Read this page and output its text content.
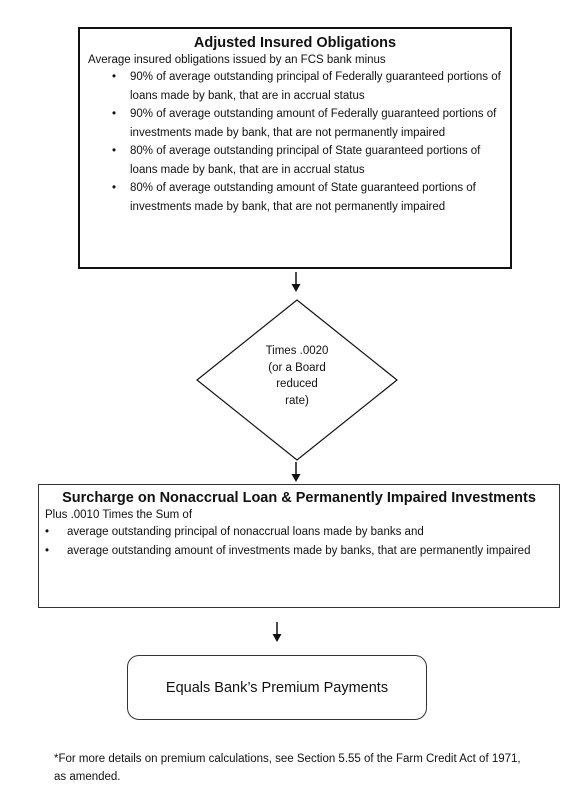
Adjusted Insured Obligations
Average insured obligations issued by an FCS bank minus
• 90% of average outstanding principal of Federally guaranteed portions of loans made by bank, that are in accrual status
• 90% of average outstanding amount of Federally guaranteed portions of investments made by bank, that are not permanently impaired
• 80% of average outstanding principal of State guaranteed portions of loans made by bank, that are in accrual status
• 80% of average outstanding amount of State guaranteed portions of investments made by bank, that are not permanently impaired
Times .0020
(or a Board
reduced
rate)
Surcharge on Nonaccrual Loan & Permanently Impaired Investments
Plus .0010 Times the Sum of
• average outstanding principal of nonaccrual loans made by banks and
• average outstanding amount of investments made by banks, that are permanently impaired
Equals Bank’s Premium Payments
*For more details on premium calculations, see Section 5.55 of the Farm Credit Act of 1971, as amended.
